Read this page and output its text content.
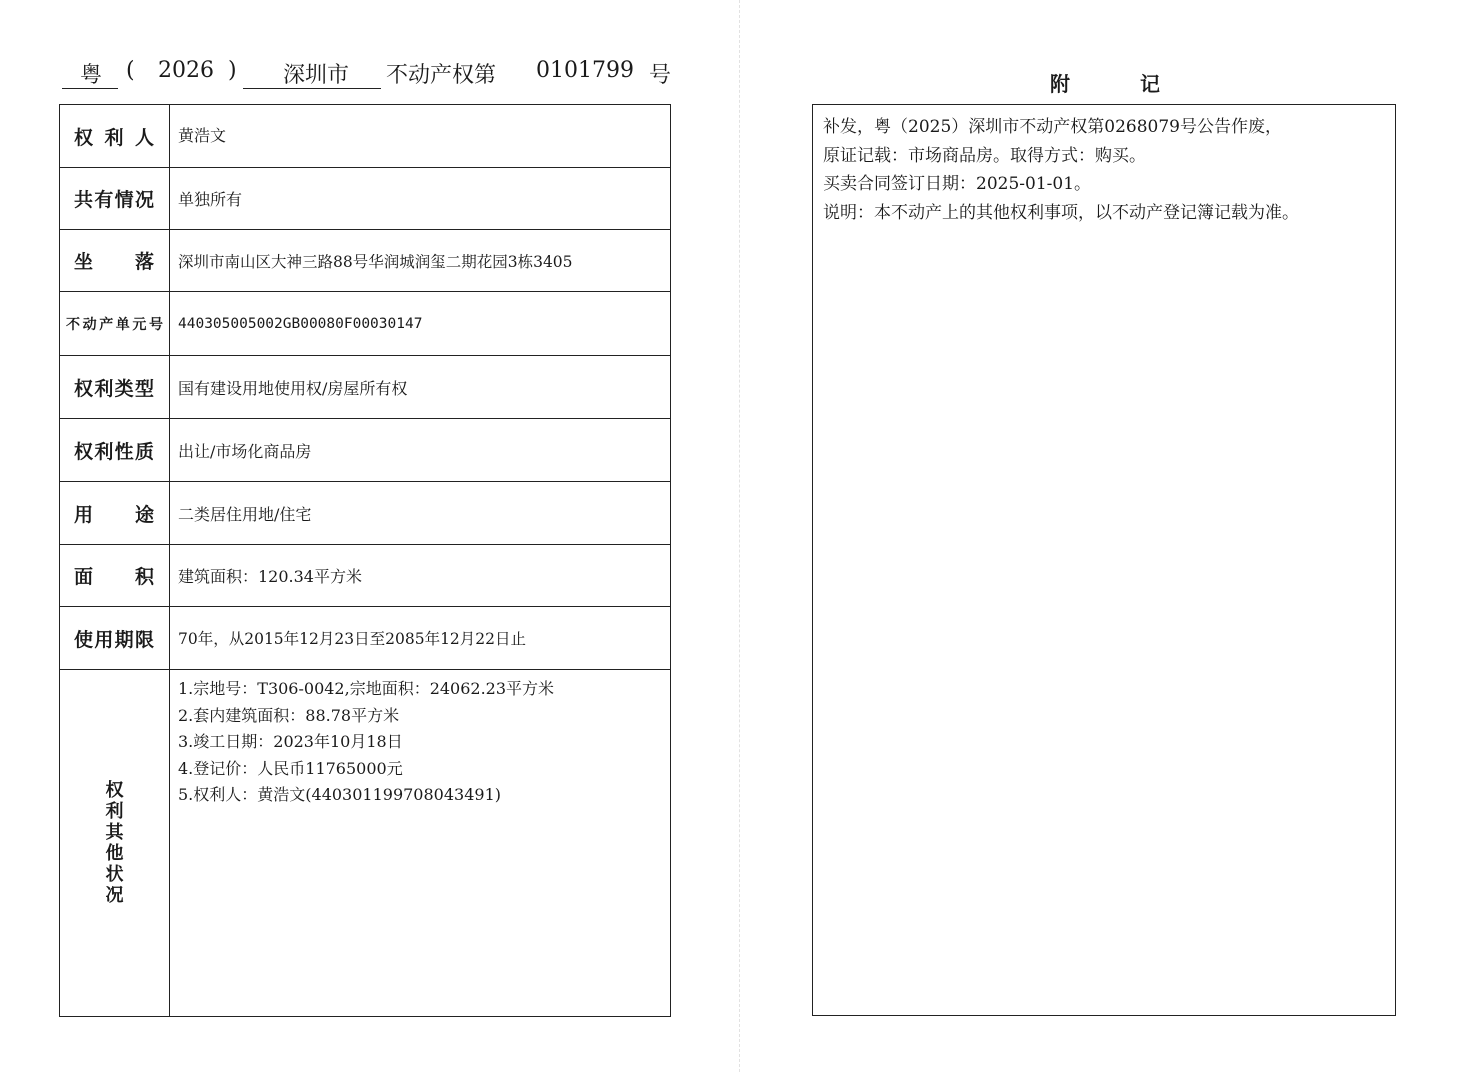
粤 ( 2026 ) 深圳市 不动产权第 0101799 号
权利人	黄浩文
共有情况	单独所有
坐落	深圳市南山区大神三路88号华润城润玺二期花园3栋3405
不动产单元号	440305005002GB00080F00030147
权利类型	国有建设用地使用权/房屋所有权
权利性质	出让/市场化商品房
用途	二类居住用地/住宅
面积	建筑面积：120.34平方米
使用期限	70年，从2015年12月23日至2085年12月22日止

权利其他状况	1.宗地号：T306-0042,宗地面积：24062.23平方米
2.套内建筑面积：88.78平方米
3.竣工日期：2023年10月18日
4.登记价：人民币11765000元
5.权利人：黄浩文(440301199708043491)
附记
补发，粤（2025）深圳市不动产权第0268079号公告作废，
原证记载：市场商品房。取得方式：购买。
买卖合同签订日期：2025-01-01。
说明：本不动产上的其他权利事项，以不动产登记簿记载为准。
